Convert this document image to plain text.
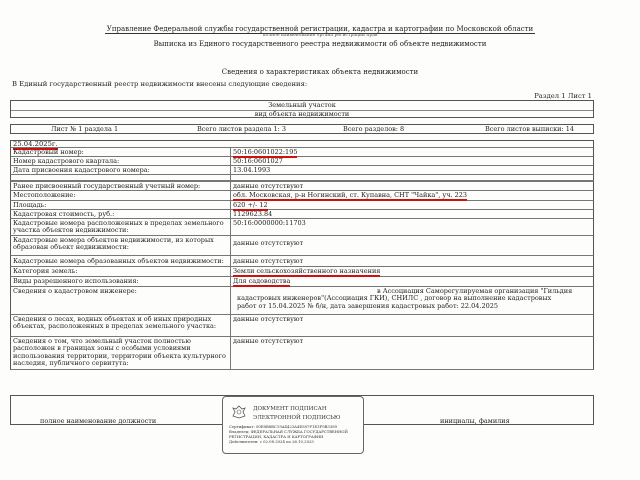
Управление Федеральной службы государственной регистрации, кадастра и картографии по Московской области
полное наименование органа регистрации прав
Выписка из Единого государственного реестра недвижимости об объекте недвижимости
Сведения о характеристиках объекта недвижимости
В Единый государственный реестр недвижимости внесены следующие сведения:
Раздел 1 Лист 1
Земельный участок
вид объекта недвижимости
Лист № 1 раздела 1	Всего листов раздела 1: 3	Всего разделов: 8	Всего листов выписки: 14
25.04.2025г.
Кадастровый номер:	50:16:0601022:195
Номер кадастрового квартала:	50:16:0601027
Дата присвоения кадастрового номера:	13.04.1993
Ранее присвоенный государственный учетный номер:	данные отсутствуют
Местоположение:	обл. Московская, р-н Ногинский, ст. Купавна, СНТ "Чайка", уч. 223
Площадь:	620 +/- 12
Кадастровая стоимость, руб.:	1129623.84
Кадастровые номера расположенных в пределах земельного участка объектов недвижимости:
50:16:0000000:11703
Кадастровые номера объектов недвижимости, из которых образован объект недвижимости:
данные отсутствуют
Кадастровые номера образованных объектов недвижимости:	данные отсутствуют
Категория земель:	Земли сельскохозяйственного назначения
Виды разрешенного использования:	Для садоводства
Сведения о кадастровом инженере:	в Ассоциация Саморегулируемая организация "Гильдия
кадастровых инженеров"(Ассоциация ГКИ), СНИЛС , договор на выполнение кадастровых
работ от 15.04.2025 № б/н, дата завершения кадастровых работ: 22.04.2025
Сведения о лесах, водных объектах и об иных природных объектах, расположенных в пределах земельного участка:
данные отсутствуют
Сведения о том, что земельный участок полностью расположен в границах зоны с особыми условиями использования территории, территории объекта культурного наследия, публичного сервитута:
данные отсутствуют
полное наименование должности	инициалы, фамилия
ДОКУМЕНТ ПОДПИСАН
ЭЛЕКТРОННОЙ ПОДПИСЬЮ
Сертификат: 00E8B8BC19A4423A4E587F1E3F9B3389
Владелец: ФЕДЕРАЛЬНАЯ СЛУЖБА ГОСУДАРСТВЕННОЙ
РЕГИСТРАЦИИ, КАДАСТРА И КАРТОГРАФИИ
Действителен: с 02.08.2024 по 26.10.2025
